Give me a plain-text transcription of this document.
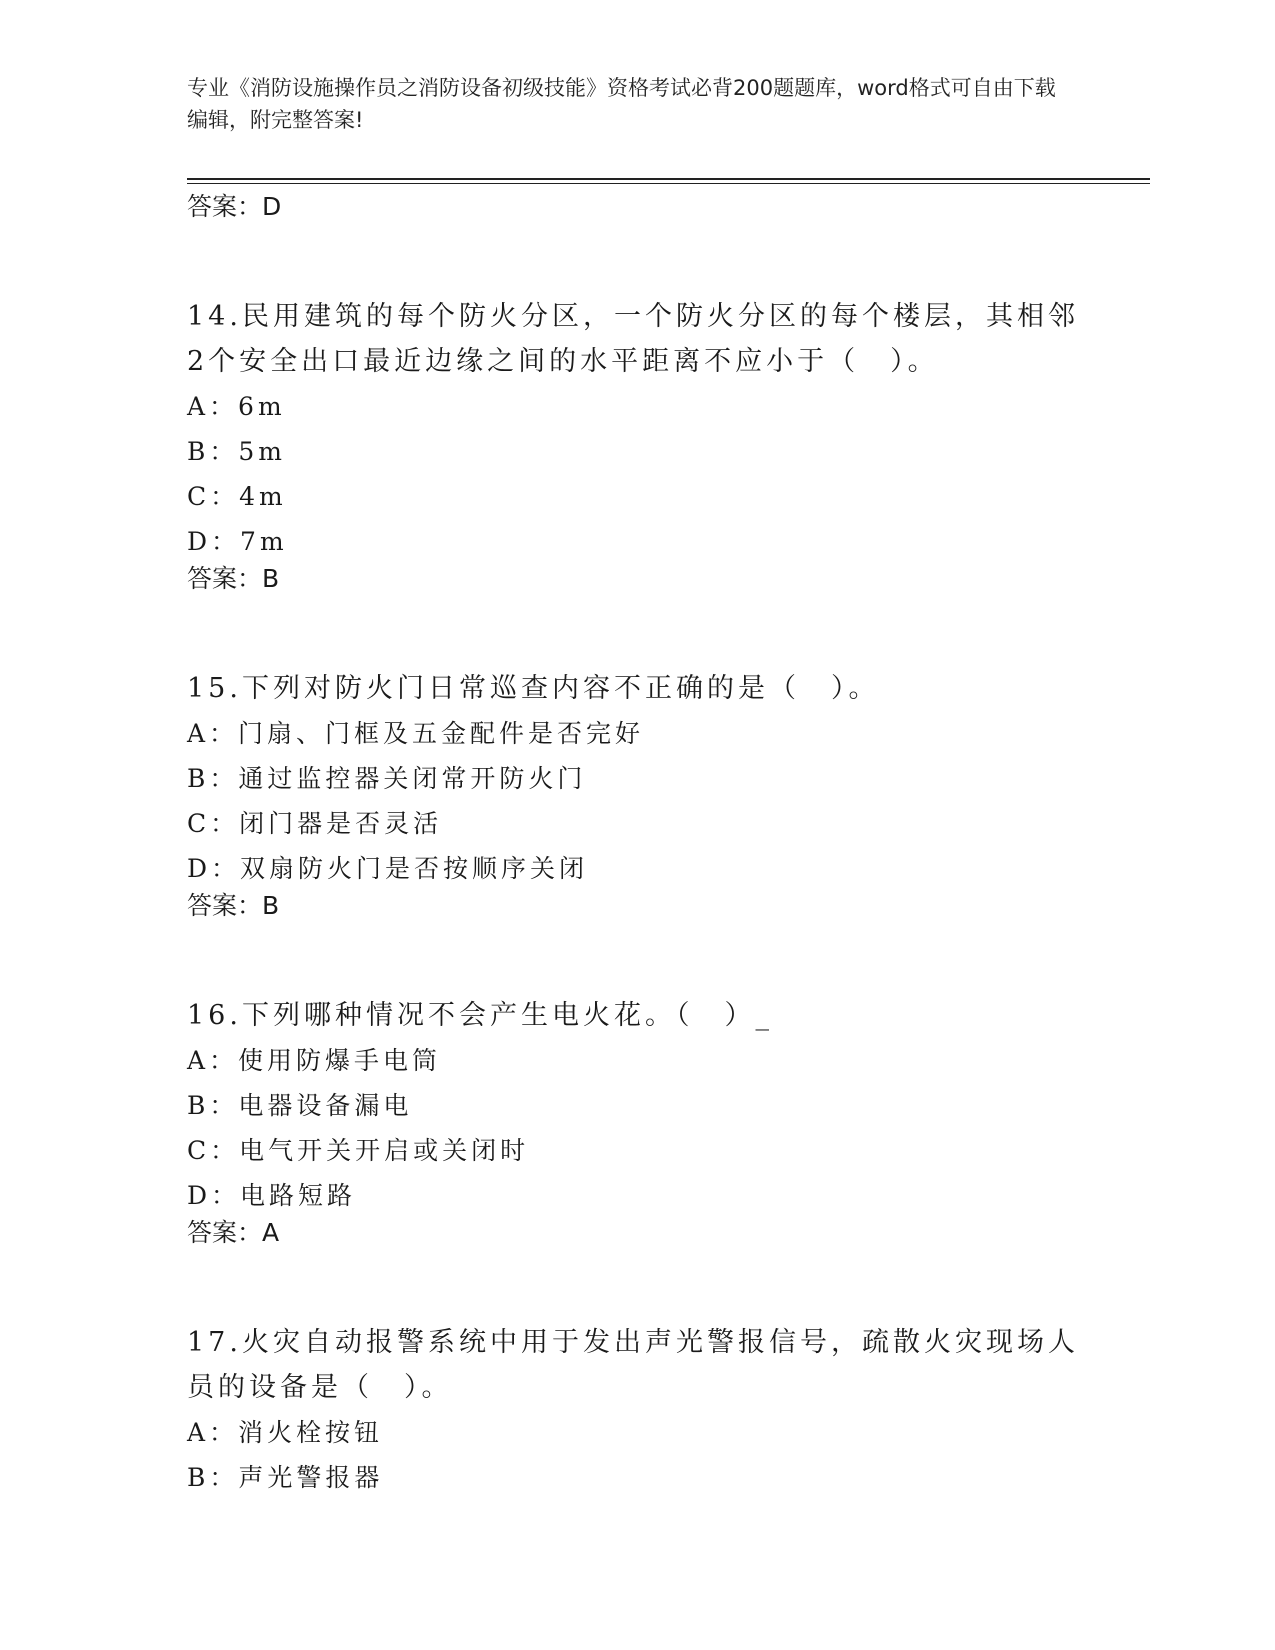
专业《消防设施操作员之消防设备初级技能》资格考试必背200题题库，word格式可自由下载编辑，附完整答案!
答案：D
14.民用建筑的每个防火分区，一个防火分区的每个楼层，其相邻2个安全出口最近边缘之间的水平距离不应小于（　）。
A：6m
B：5m
C：4m
D：7m
答案：B
15.下列对防火门日常巡查内容不正确的是（　）。
A：门扇、门框及五金配件是否完好
B：通过监控器关闭常开防火门
C：闭门器是否灵活
D：双扇防火门是否按顺序关闭
答案：B
16.下列哪种情况不会产生电火花。（　）_
A：使用防爆手电筒
B：电器设备漏电
C：电气开关开启或关闭时
D：电路短路
答案：A
17.火灾自动报警系统中用于发出声光警报信号，疏散火灾现场人员的设备是（　）。
A：消火栓按钮
B：声光警报器
